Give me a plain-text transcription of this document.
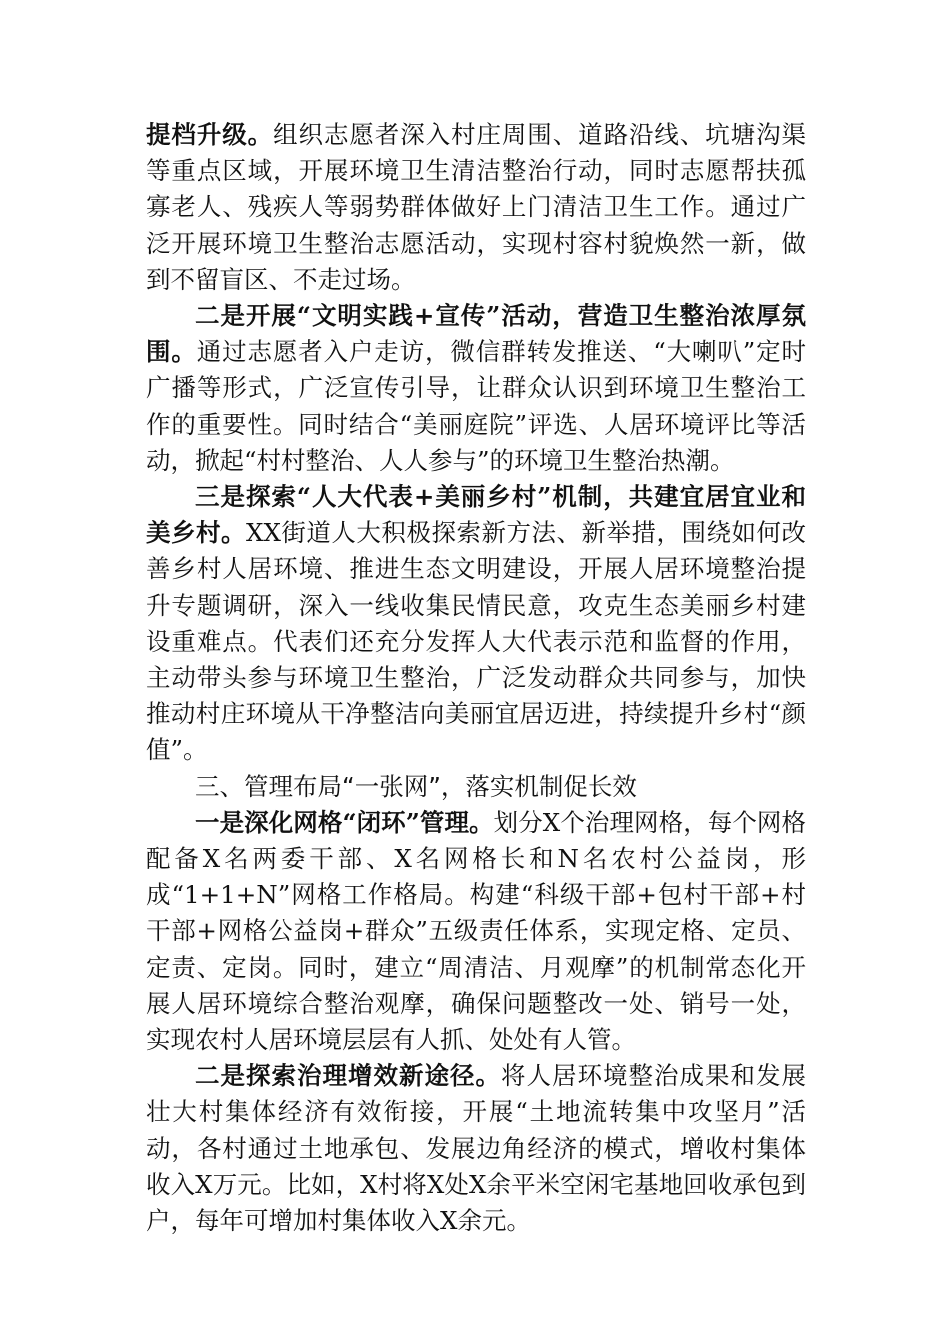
提档升级。组织志愿者深入村庄周围、道路沿线、坑塘沟渠等重点区域，开展环境卫生清洁整治行动，同时志愿帮扶孤寡老人、残疾人等弱势群体做好上门清洁卫生工作。通过广泛开展环境卫生整治志愿活动，实现村容村貌焕然一新，做到不留盲区、不走过场。

二是开展“文明实践+宣传”活动，营造卫生整治浓厚氛围。通过志愿者入户走访，微信群转发推送、“大喇叭”定时广播等形式，广泛宣传引导，让群众认识到环境卫生整治工作的重要性。同时结合“美丽庭院”评选、人居环境评比等活动，掀起“村村整治、人人参与”的环境卫生整治热潮。

三是探索“人大代表+美丽乡村”机制，共建宜居宜业和美乡村。XX街道人大积极探索新方法、新举措，围绕如何改善乡村人居环境、推进生态文明建设，开展人居环境整治提升专题调研，深入一线收集民情民意，攻克生态美丽乡村建设重难点。代表们还充分发挥人大代表示范和监督的作用，主动带头参与环境卫生整治，广泛发动群众共同参与，加快推动村庄环境从干净整洁向美丽宜居迈进，持续提升乡村“颜值”。

三、管理布局“一张网”，落实机制促长效

一是深化网格“闭环”管理。划分X个治理网格，每个网格配备X名两委干部、X名网格长和N名农村公益岗，形成“1+1+N”网格工作格局。构建“科级干部+包村干部+村干部+网格公益岗+群众”五级责任体系，实现定格、定员、定责、定岗。同时，建立“周清洁、月观摩”的机制常态化开展人居环境综合整治观摩，确保问题整改一处、销号一处，实现农村人居环境层层有人抓、处处有人管。

二是探索治理增效新途径。将人居环境整治成果和发展壮大村集体经济有效衔接，开展“土地流转集中攻坚月”活动，各村通过土地承包、发展边角经济的模式，增收村集体收入X万元。比如，X村将X处X余平米空闲宅基地回收承包到户，每年可增加村集体收入X余元。
